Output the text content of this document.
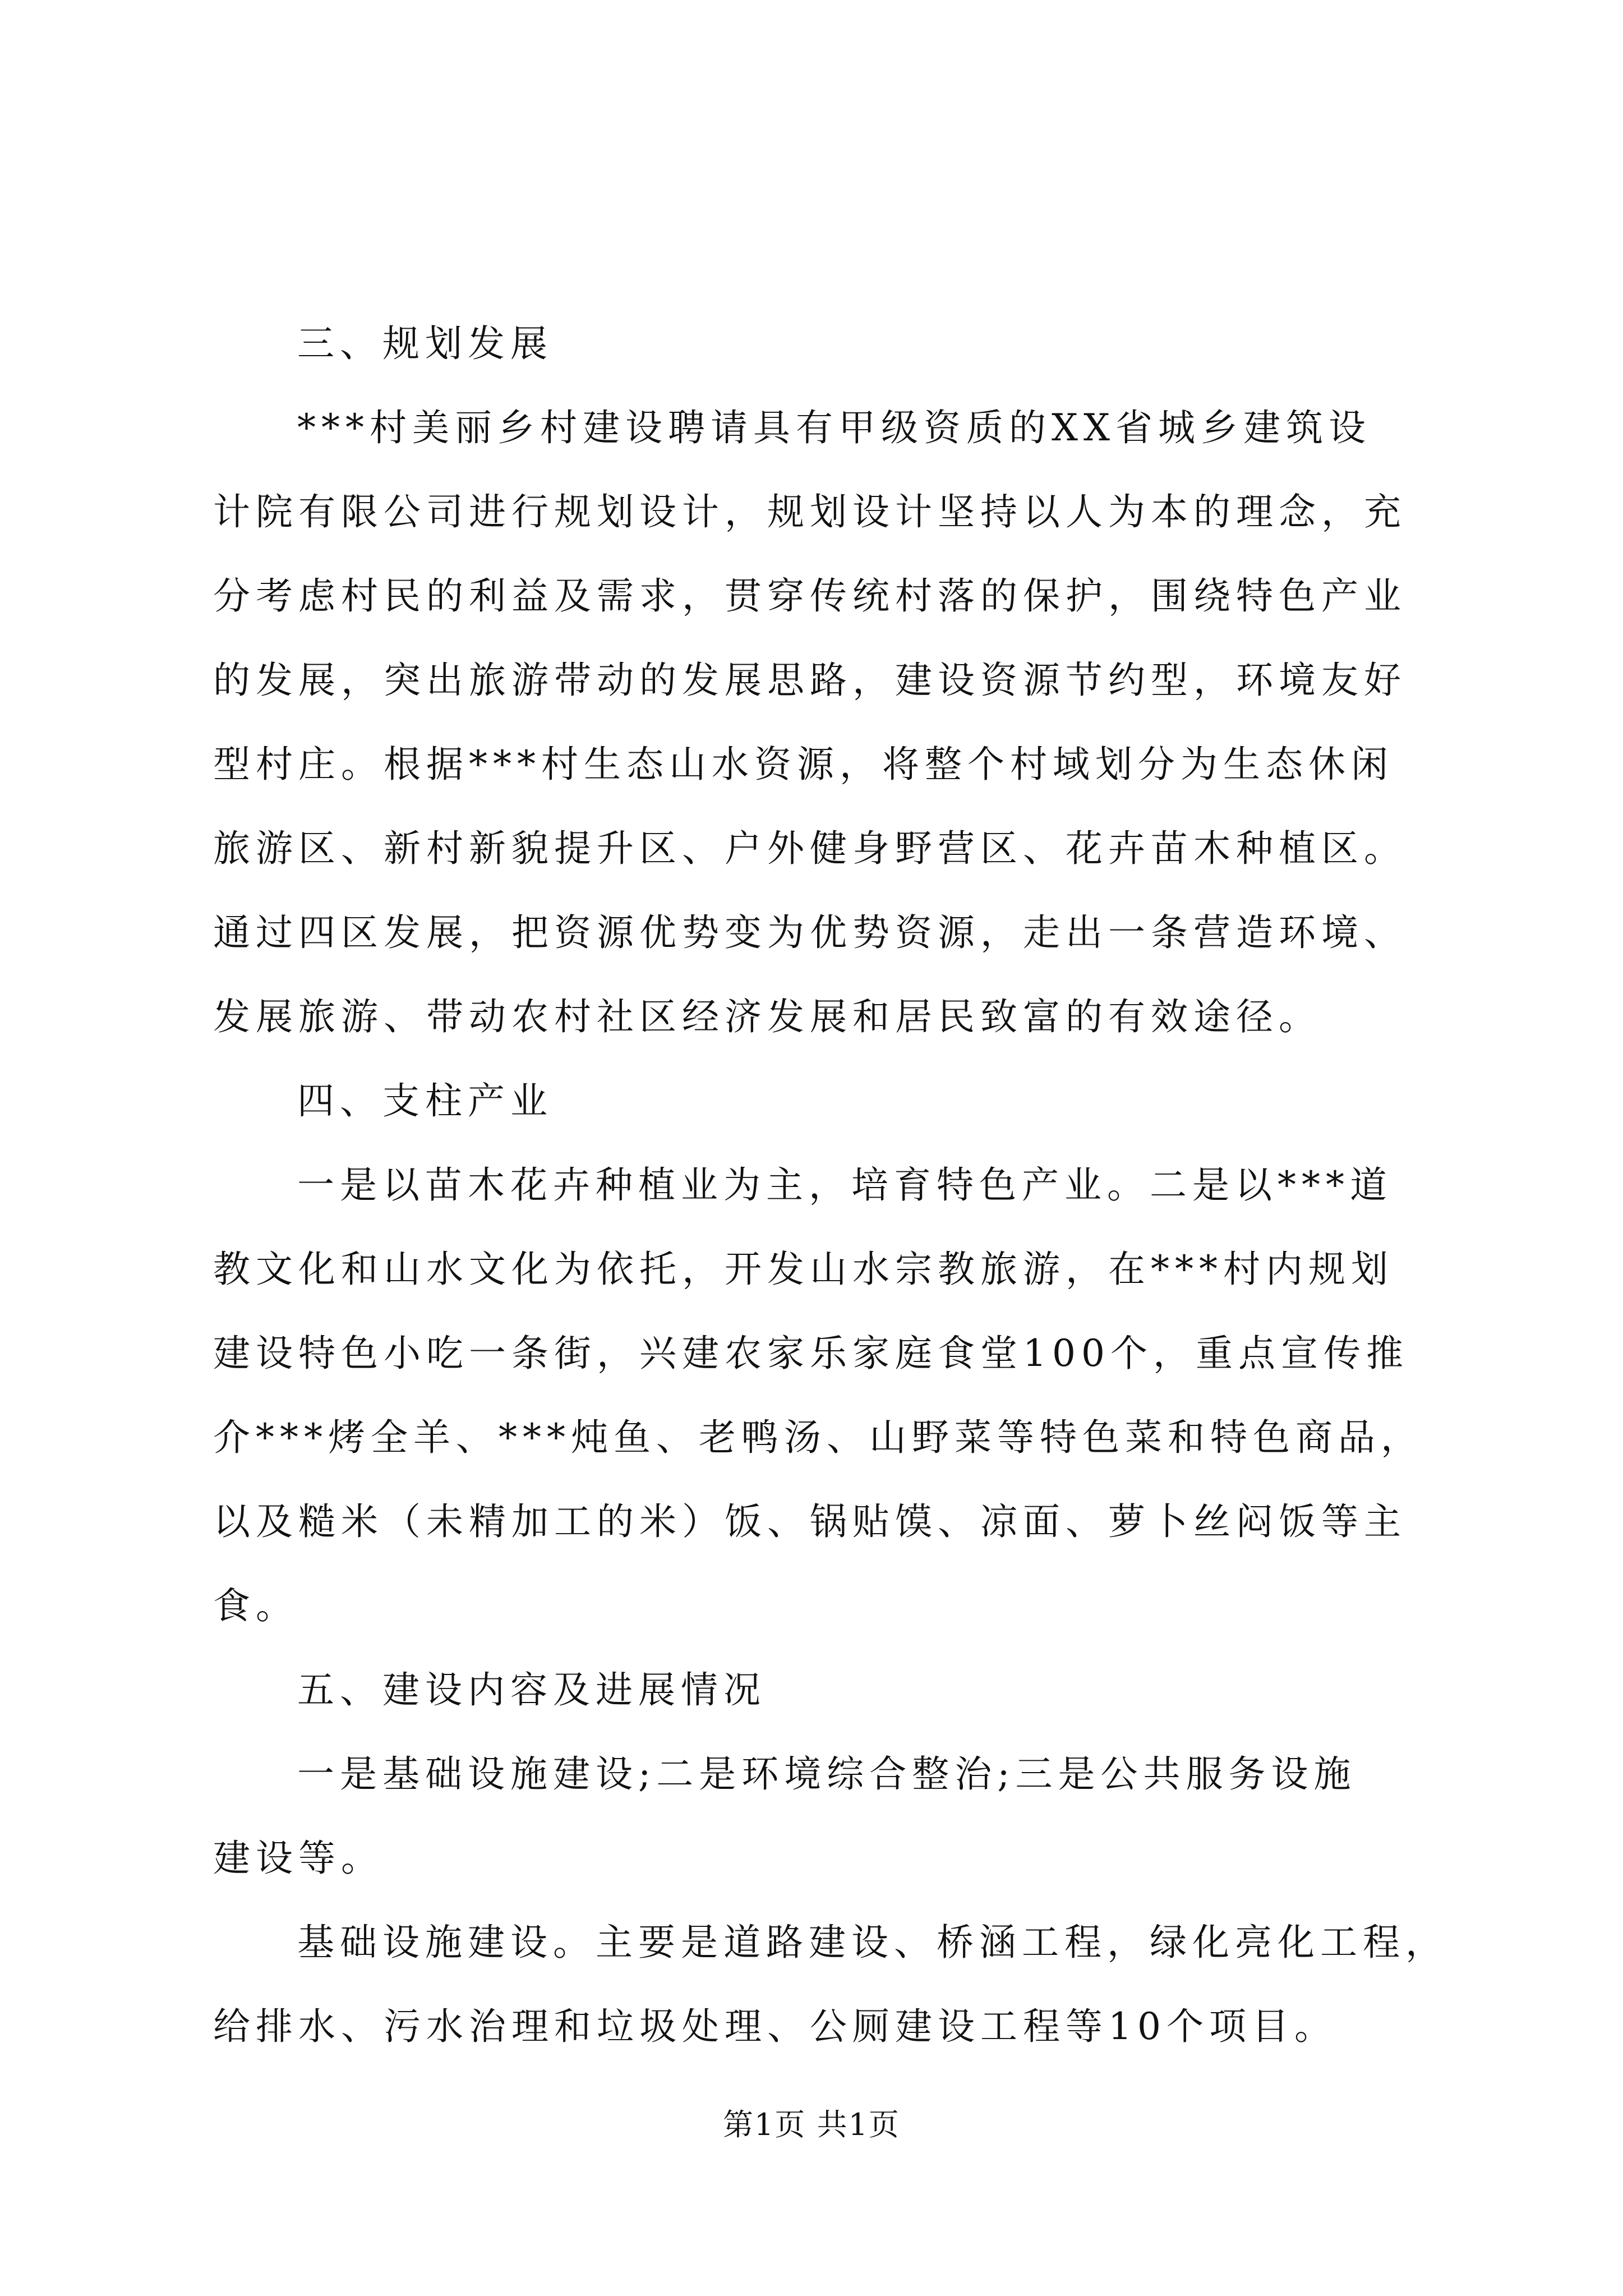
三、规划发展
***村美丽乡村建设聘请具有甲级资质的XX省城乡建筑设
计院有限公司进行规划设计，规划设计坚持以人为本的理念，充
分考虑村民的利益及需求，贯穿传统村落的保护，围绕特色产业
的发展，突出旅游带动的发展思路，建设资源节约型，环境友好
型村庄。根据***村生态山水资源，将整个村域划分为生态休闲
旅游区、新村新貌提升区、户外健身野营区、花卉苗木种植区。
通过四区发展，把资源优势变为优势资源，走出一条营造环境、
发展旅游、带动农村社区经济发展和居民致富的有效途径。
四、支柱产业
一是以苗木花卉种植业为主，培育特色产业。二是以***道
教文化和山水文化为依托，开发山水宗教旅游，在***村内规划
建设特色小吃一条街，兴建农家乐家庭食堂100个，重点宣传推
介***烤全羊、***炖鱼、老鸭汤、山野菜等特色菜和特色商品，
以及糙米（未精加工的米）饭、锅贴馍、凉面、萝卜丝闷饭等主
食。
五、建设内容及进展情况
一是基础设施建设;二是环境综合整治;三是公共服务设施
建设等。
基础设施建设。主要是道路建设、桥涵工程，绿化亮化工程，
给排水、污水治理和垃圾处理、公厕建设工程等10个项目。
第1页 共1页
